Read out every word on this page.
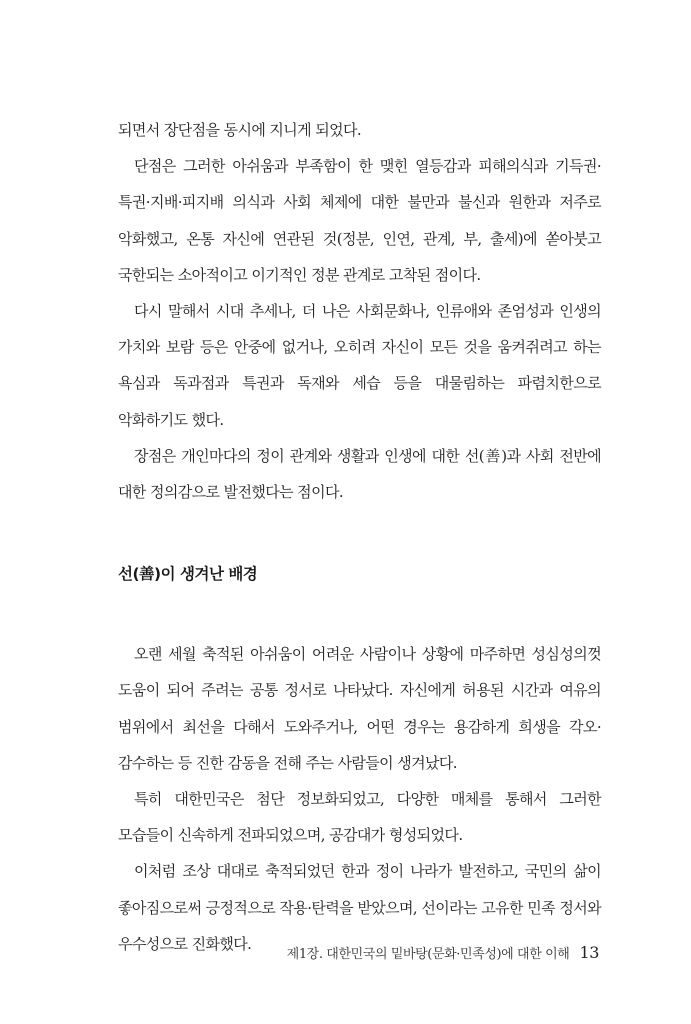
되면서 장단점을 동시에 지니게 되었다.

단점은 그러한 아쉬움과 부족함이 한 맺힌 열등감과 피해의식과 기득권·특권·지배·피지배 의식과 사회 체제에 대한 불만과 불신과 원한과 저주로 악화했고, 온통 자신에 연관된 것(정분, 인연, 관계, 부, 출세)에 쏟아붓고 국한되는 소아적이고 이기적인 정분 관계로 고착된 점이다.

다시 말해서 시대 추세나, 더 나은 사회문화나, 인류애와 존엄성과 인생의 가치와 보람 등은 안중에 없거나, 오히려 자신이 모든 것을 움켜쥐려고 하는 욕심과 독과점과 특권과 독재와 세습 등을 대물림하는 파렴치한으로 악화하기도 했다.

장점은 개인마다의 정이 관계와 생활과 인생에 대한 선(善)과 사회 전반에 대한 정의감으로 발전했다는 점이다.

선(善)이 생겨난 배경

오랜 세월 축적된 아쉬움이 어려운 사람이나 상황에 마주하면 성심성의껏 도움이 되어 주려는 공통 정서로 나타났다. 자신에게 허용된 시간과 여유의 범위에서 최선을 다해서 도와주거나, 어떤 경우는 용감하게 희생을 각오·감수하는 등 진한 감동을 전해 주는 사람들이 생겨났다.

특히 대한민국은 첨단 정보화되었고, 다양한 매체를 통해서 그러한 모습들이 신속하게 전파되었으며, 공감대가 형성되었다.

이처럼 조상 대대로 축적되었던 한과 정이 나라가 발전하고, 국민의 삶이 좋아짐으로써 긍정적으로 작용·탄력을 받았으며, 선이라는 고유한 민족 정서와 우수성으로 진화했다.

제1장. 대한민국의 밑바탕(문화·민족성)에 대한 이해 13
